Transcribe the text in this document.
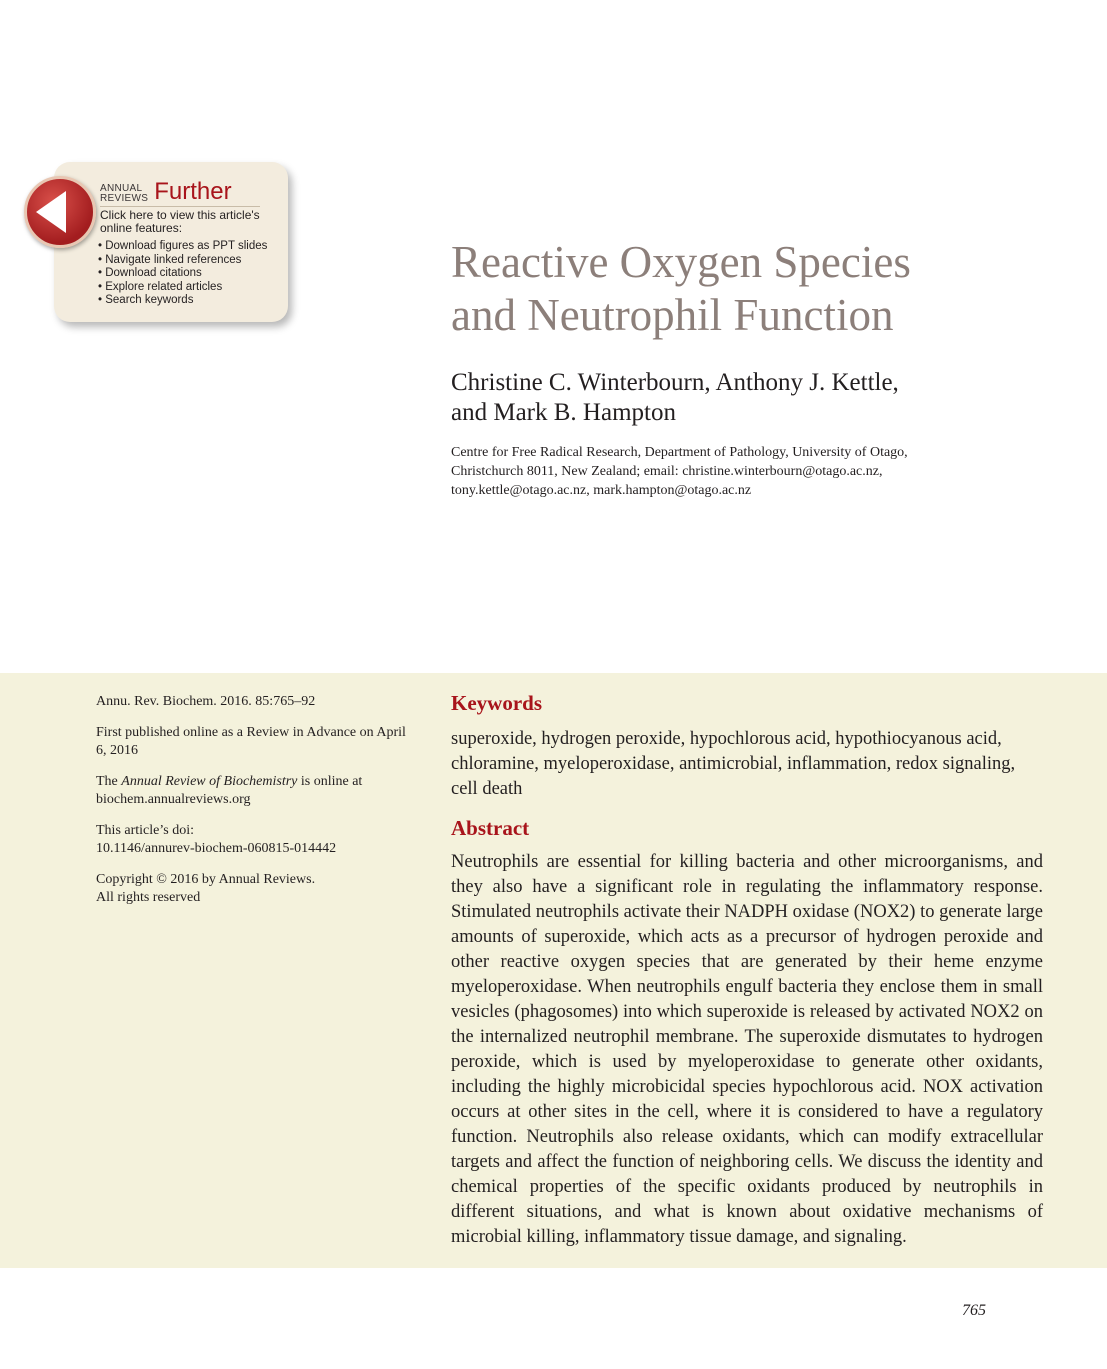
ANNUAL
REVIEWS Further
Click here to view this article's online features:
• Download figures as PPT slides
• Navigate linked references
• Download citations
• Explore related articles
• Search keywords
Reactive Oxygen Species
and Neutrophil Function
Christine C. Winterbourn, Anthony J. Kettle,
and Mark B. Hampton
Centre for Free Radical Research, Department of Pathology, University of Otago,
Christchurch 8011, New Zealand; email: christine.winterbourn@otago.ac.nz,
tony.kettle@otago.ac.nz, mark.hampton@otago.ac.nz

Annu. Rev. Biochem. 2016. 85:765–92

First published online as a Review in Advance on April 6, 2016

The Annual Review of Biochemistry is online at biochem.annualreviews.org

This article’s doi:
10.1146/annurev-biochem-060815-014442

Copyright © 2016 by Annual Reviews.
All rights reserved

Keywords
superoxide, hydrogen peroxide, hypochlorous acid, hypothiocyanous acid, chloramine, myeloperoxidase, antimicrobial, inflammation, redox signaling, cell death
Abstract

Neutrophils are essential for killing bacteria and other microorganisms, and they also have a significant role in regulating the inflammatory response. Stimulated neutrophils activate their NADPH oxidase (NOX2) to generate large amounts of superoxide, which acts as a precursor of hydrogen peroxide and other reactive oxygen species that are generated by their heme enzyme myeloperoxidase. When neutrophils engulf bacteria they enclose them in small vesicles (phagosomes) into which superoxide is released by activated NOX2 on the internalized neutrophil membrane. The superoxide dismutates to hydrogen peroxide, which is used by myeloperoxidase to generate other oxidants, including the highly microbicidal species hypochlorous acid. NOX activation occurs at other sites in the cell, where it is considered to have a regulatory function. Neutrophils also release oxidants, which can modify extracellular targets and affect the function of neighboring cells. We discuss the identity and chemical properties of the specific oxidants produced by neutrophils in different situations, and what is known about oxidative mechanisms of microbial killing, inflammatory tissue damage, and signaling.

765
